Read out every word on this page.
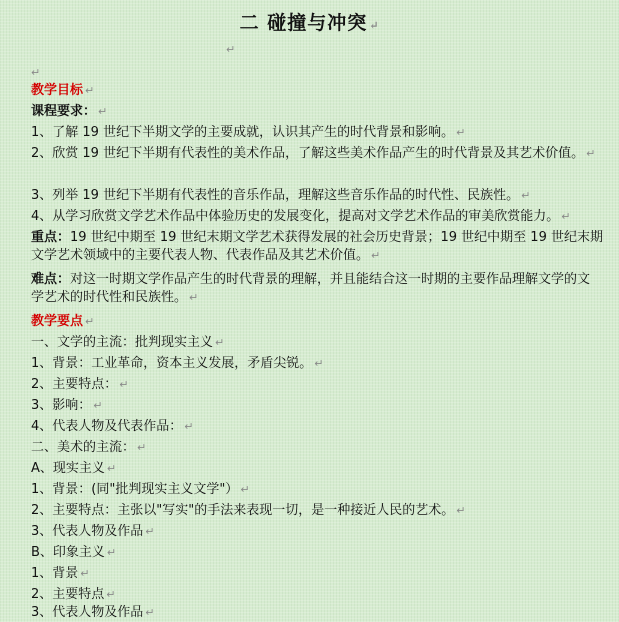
二 碰撞与冲突 ↵
↵
↵
教学目标 ↵
课程要求： ↵
1、了解 19 世纪下半期文学的主要成就，认识其产生的时代背景和影响。 ↵
2、欣赏 19 世纪下半期有代表性的美术作品，了解这些美术作品产生的时代背景及其艺术价值。 ↵
3、列举 19 世纪下半期有代表性的音乐作品，理解这些音乐作品的时代性、民族性。 ↵
4、从学习欣赏文学艺术作品中体验历史的发展变化，提高对文学艺术作品的审美欣赏能力。 ↵
重点：19 世纪中期至 19 世纪末期文学艺术获得发展的社会历史背景；19 世纪中期至 19 世纪末期文学艺术领域中的主要代表人物、代表作品及其艺术价值。 ↵
难点：对这一时期文学作品产生的时代背景的理解，并且能结合这一时期的主要作品理解文学的文学艺术的时代性和民族性。 ↵
教学要点 ↵
一、文学的主流：批判现实主义 ↵
1、背景：工业革命，资本主义发展，矛盾尖锐。 ↵
2、主要特点： ↵
3、影响： ↵
4、代表人物及代表作品： ↵
二、美术的主流： ↵
A、现实主义 ↵
1、背景：(同"批判现实主义文学"） ↵
2、主要特点：主张以"写实"的手法来表现一切，是一种接近人民的艺术。 ↵
3、代表人物及作品 ↵
B、印象主义 ↵
1、背景 ↵
2、主要特点 ↵
3、代表人物及作品 ↵
